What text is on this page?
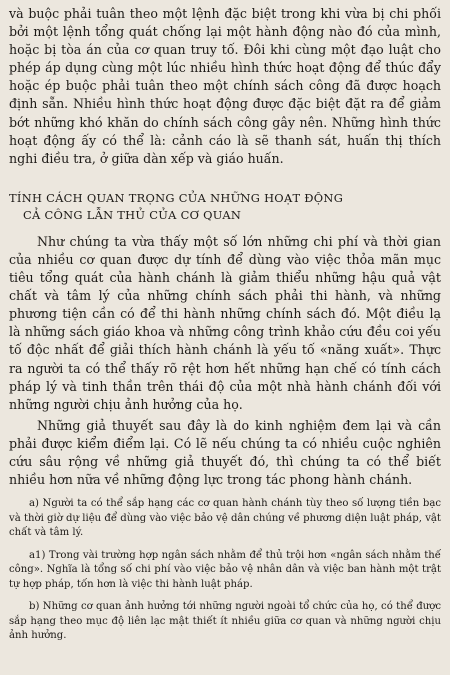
và buộc phải tuân theo một lệnh đặc biệt trong khi vừa bị chi phối bởi một lệnh tổng quát chống lại một hành động nào đó của mình, hoặc bị tòa án của cơ quan truy tố. Đôi khi cùng một đạo luật cho phép áp dụng cùng một lúc nhiều hình thức hoạt động để thúc đẩy hoặc ép buộc phải tuân theo một chính sách công đã được hoạch định sẵn. Nhiều hình thức hoạt động được đặc biệt đặt ra để giảm bớt những khó khăn do chính sách công gây nên. Những hình thức hoạt động ấy có thể là: cảnh cáo là sẽ thanh sát, huấn thị thích nghi điều tra, ở giữa dàn xếp và giáo huấn.

TÍNH CÁCH QUAN TRỌNG CỦA NHỮNG HOẠT ĐỘNG
CẢ CÔNG LẪN THỦ CỦA CƠ QUAN

Như chúng ta vừa thấy một số lớn những chi phí và thời gian của nhiều cơ quan được dự tính để dùng vào việc thỏa mãn mục tiêu tổng quát của hành chánh là giảm thiểu những hậu quả vật chất và tâm lý của những chính sách phải thi hành, và những phương tiện cần có để thi hành những chính sách đó. Một điều lạ là những sách giáo khoa và những công trình khảo cứu đều coi yếu tố độc nhất để giải thích hành chánh là yếu tố «năng xuất». Thực ra người ta có thể thấy rõ rệt hơn hết những hạn chế có tính cách pháp lý và tinh thần trên thái độ của một nhà hành chánh đối với những người chịu ảnh hưởng của họ.

Những giả thuyết sau đây là do kinh nghiệm đem lại và cần phải được kiểm điểm lại. Có lẽ nếu chúng ta có nhiều cuộc nghiên cứu sâu rộng về những giả thuyết đó, thì chúng ta có thể biết nhiều hơn nữa về những động lực trong tác phong hành chánh.

a) Người ta có thể sắp hạng các cơ quan hành chánh tùy theo số lượng tiền bạc và thời giờ dự liệu để dùng vào việc bảo vệ dân chúng về phương diện luật pháp, vật chất và tâm lý.

a1) Trong vài trường hợp ngân sách nhằm để thủ trội hơn «ngân sách nhằm thế công». Nghĩa là tổng số chi phí vào việc bảo vệ nhân dân và việc ban hành một trật tự hợp pháp, tốn hơn là việc thi hành luật pháp.

b) Những cơ quan ảnh hưởng tới những người ngoài tổ chức của họ, có thể được sắp hạng theo mục độ liên lạc mật thiết ít nhiều giữa cơ quan và những người chịu ảnh hưởng.
